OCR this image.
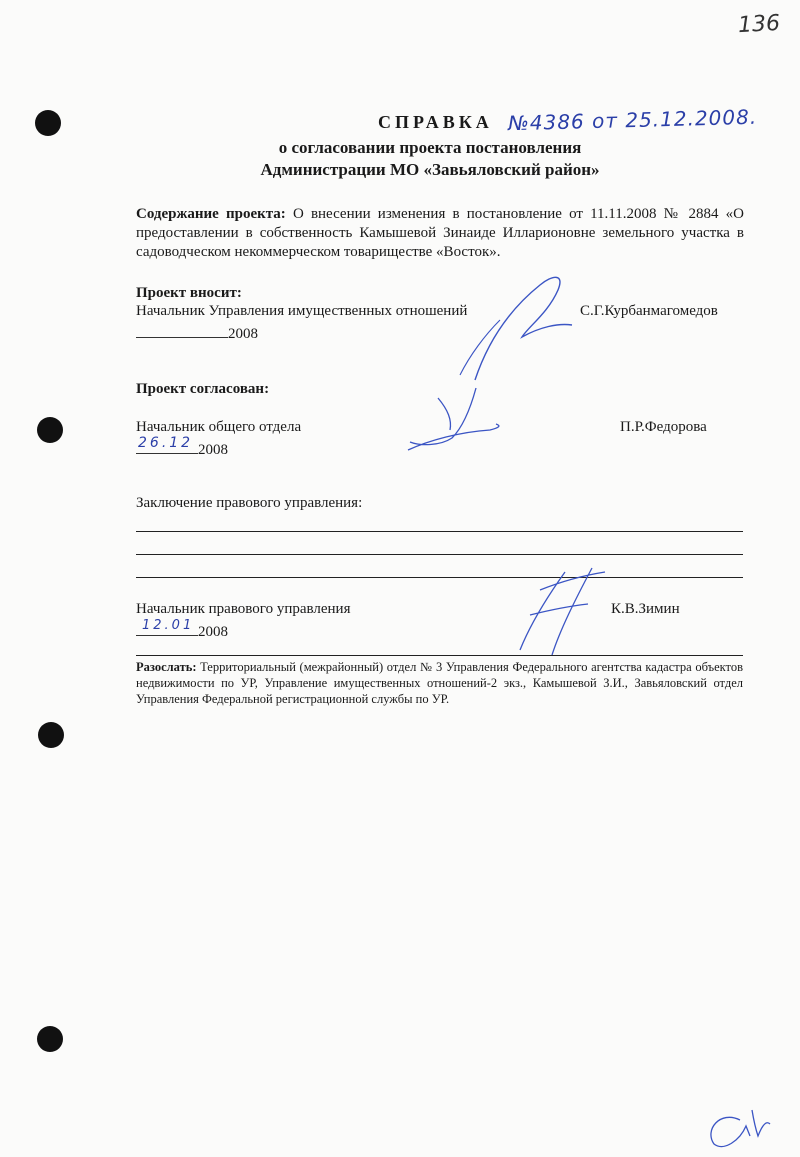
136
СПРАВКА №4386 от 25.12.2008.
о согласовании проекта постановления
Администрации МО «Завьяловский район»
Содержание проекта: О внесении изменения в постановление от 11.11.2008 № 2884 «О предоставлении в собственность Камышевой Зинаиде Илларионовне земельного участка в садоводческом некоммерческом товариществе «Восток».
Проект вносит:
Начальник Управления имущественных отношений	С.Г.Курбанмагомедов
2008
Проект согласован:
Начальник общего отдела	П.Р.Федорова
26.12 2008
Заключение правового управления:
Начальник правового управления	К.В.Зимин
12.01 2008
Разослать: Территориальный (межрайонный) отдел № 3 Управления Федерального агентства кадастра объектов недвижимости по УР, Управление имущественных отношений-2 экз., Камышевой З.И., Завьяловский отдел Управления Федеральной регистрационной службы по УР.
